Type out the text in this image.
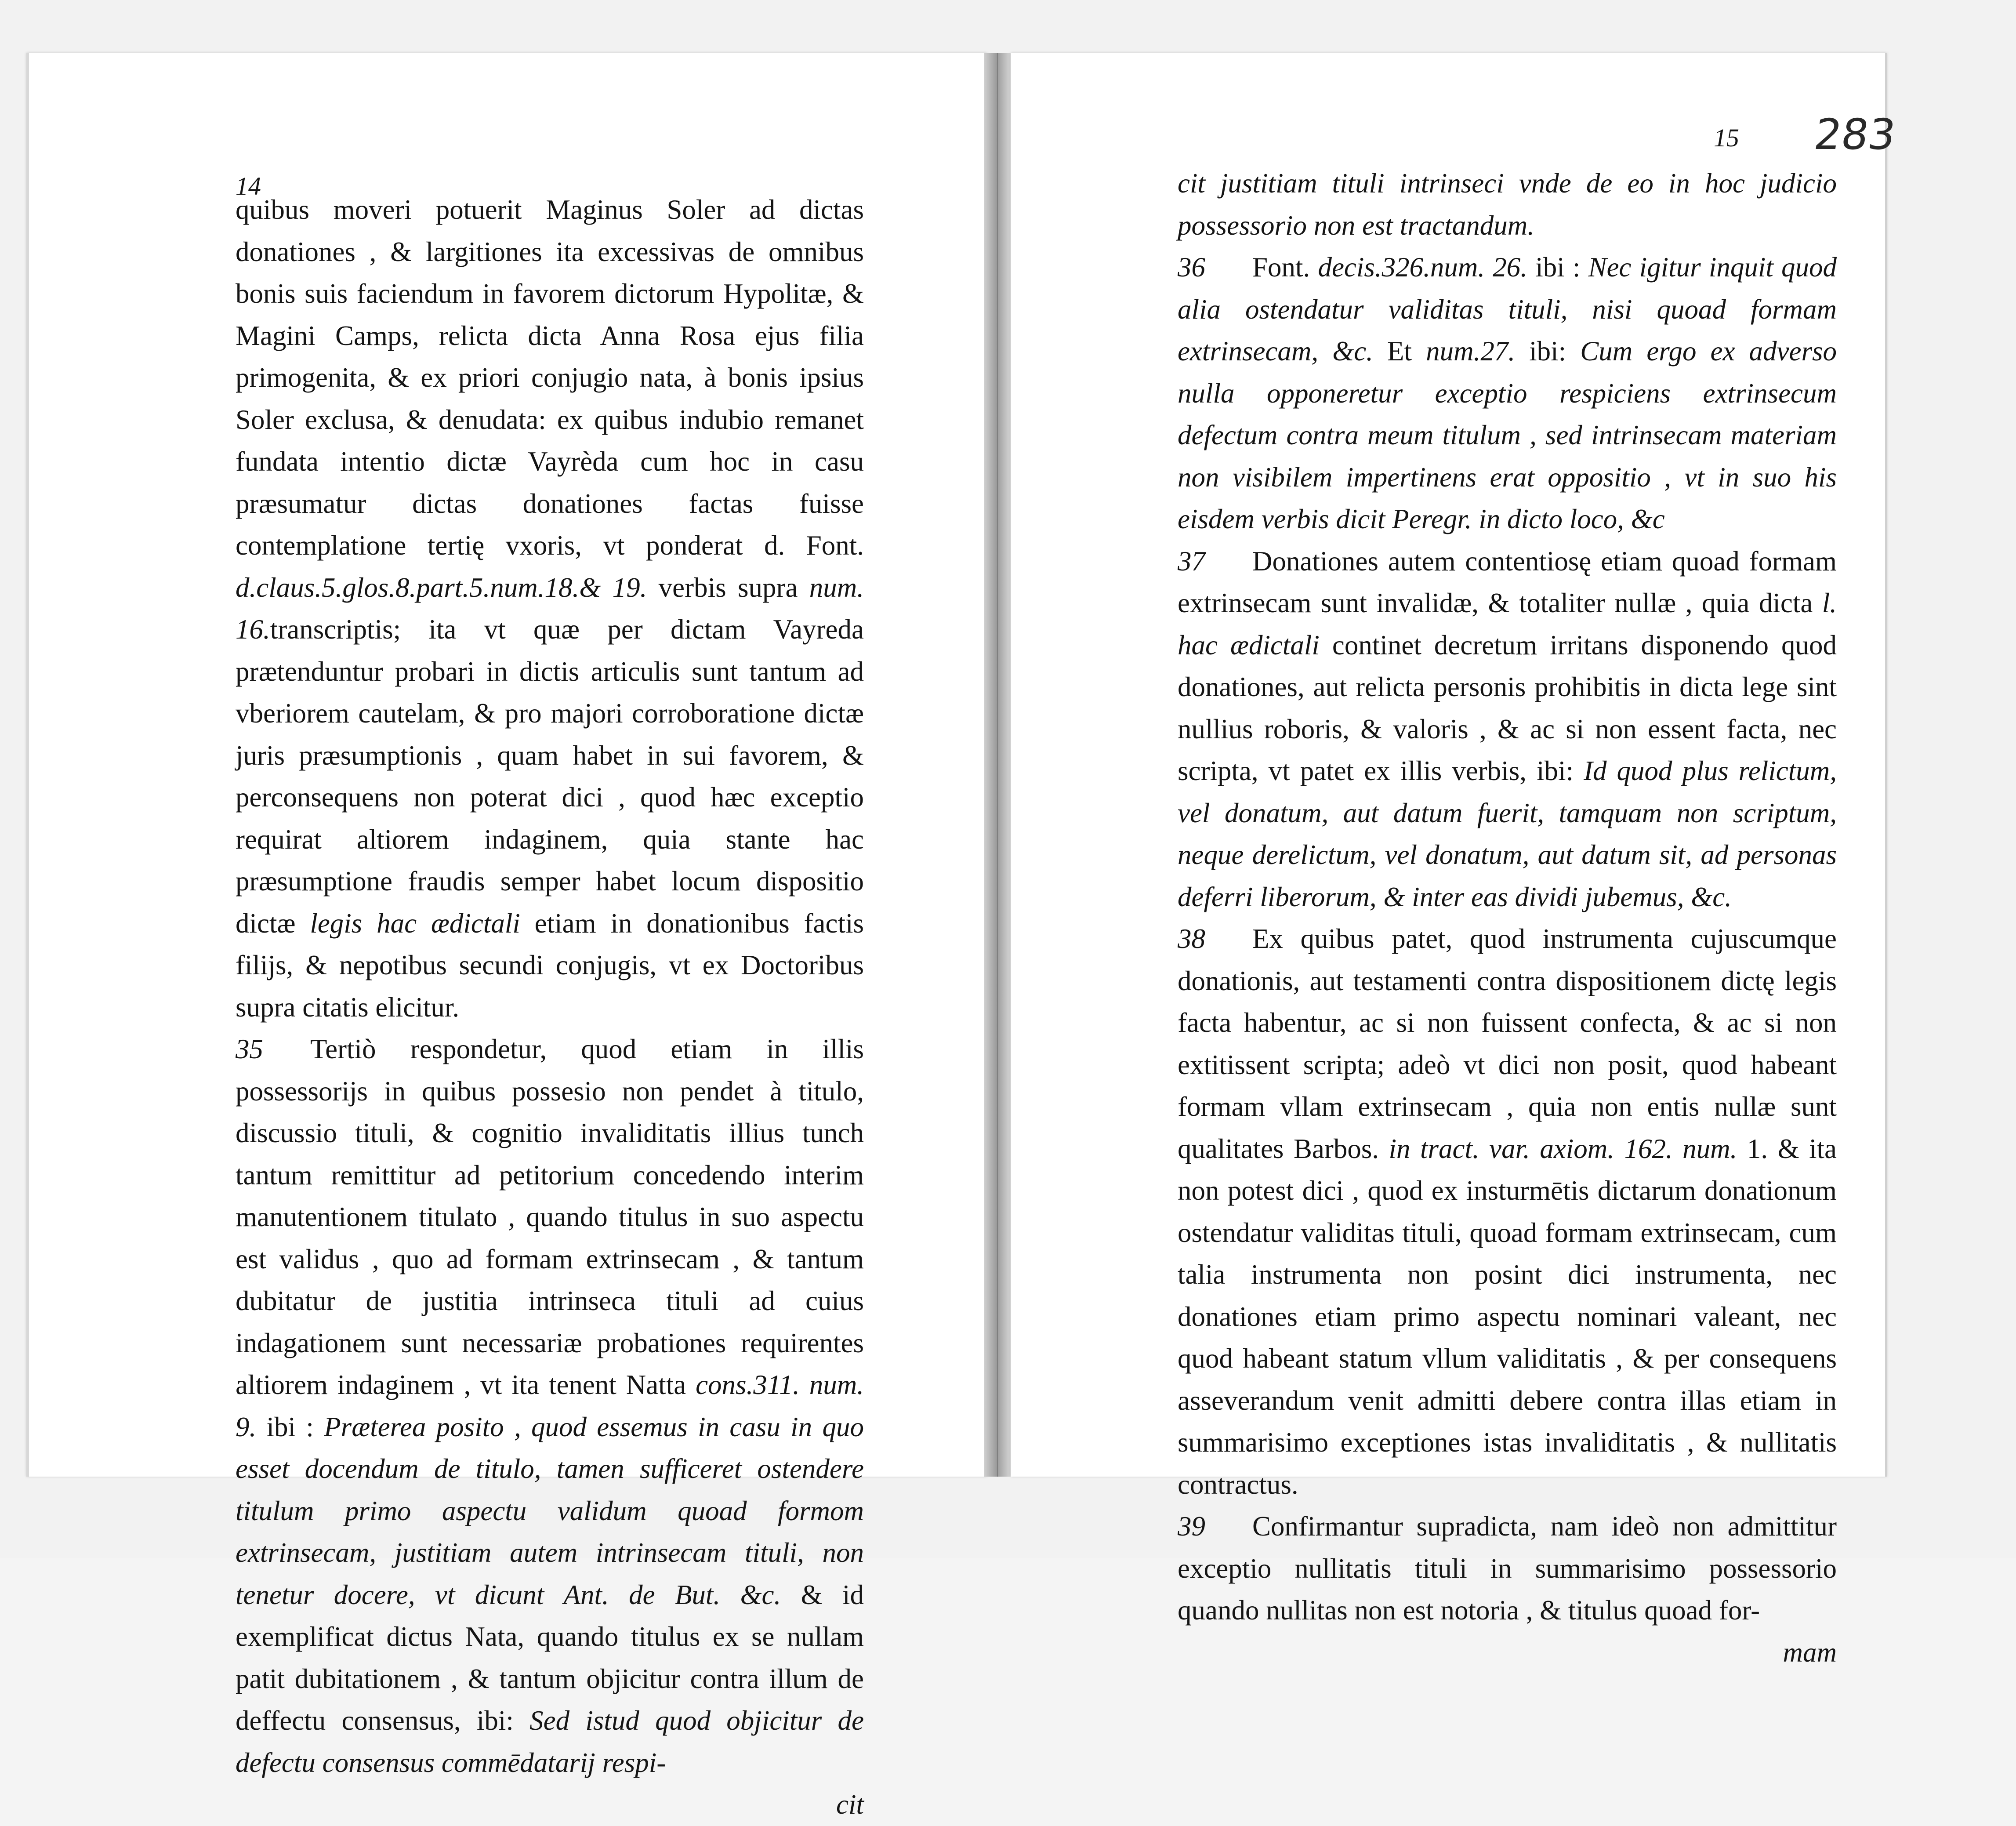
14

quibus moveri potuerit Maginus Soler ad dictas donationes , & largitiones ita excessivas de omnibus bonis suis faciendum in favorem dictorum Hypolitæ, & Magini Camps, relicta dicta Anna Rosa ejus filia primogenita, & ex priori conjugio nata, à bonis ipsius Soler exclusa, & denudata: ex quibus indubio remanet fundata intentio dictæ Vayrèda cum hoc in casu præsumatur dictas donationes factas fuisse contemplatione tertię vxoris, vt ponderat d. Font. d.claus.5.glos.8.part.5.num.18.& 19. verbis supra num. 16.transcriptis; ita vt quæ per dictam Vayreda prætenduntur probari in dictis articulis sunt tantum ad vberiorem cautelam, & pro majori corroboratione dictæ juris præsumptionis , quam habet in sui favorem, & perconsequens non poterat dici , quod hæc exceptio requirat altiorem indaginem, quia stante hac præsumptione fraudis semper habet locum dispositio dictæ legis hac ædictali etiam in donationibus factis filijs, & nepotibus secundi conjugis, vt ex Doctoribus supra citatis elicitur.

35 Tertiò respondetur, quod etiam in illis possessorijs in quibus possesio non pendet à titulo, discussio tituli, & cognitio invaliditatis illius tunch tantum remittitur ad petitorium concedendo interim manutentionem titulato , quando titulus in suo aspectu est validus , quo ad formam extrinsecam , & tantum dubitatur de justitia intrinseca tituli ad cuius indagationem sunt necessariæ probationes requirentes altiorem indaginem , vt ita tenent Natta cons.311. num. 9. ibi : Præterea posito , quod essemus in casu in quo esset docendum de titulo, tamen sufficeret ostendere titulum primo aspectu validum quoad formom extrinsecam, justitiam autem intrinsecam tituli, non tenetur docere, vt dicunt Ant. de But. &c. & id exemplificat dictus Nata, quando titulus ex se nullam patit dubitationem , & tantum objicitur contra illum de deffectu consensus, ibi: Sed istud quod objicitur de defectu consensus commēdatarij respi-

cit

15 283

cit justitiam tituli intrinseci vnde de eo in hoc judicio possessorio non est tractandum.

36 Font. decis.326.num. 26. ibi : Nec igitur inquit quod alia ostendatur validitas tituli, nisi quoad formam extrinsecam, &c. Et num.27. ibi: Cum ergo ex adverso nulla opponeretur exceptio respiciens extrinsecum defectum contra meum titulum , sed intrinsecam materiam non visibilem impertinens erat oppositio , vt in suo his eisdem verbis dicit Peregr. in dicto loco, &c

37 Donationes autem contentiosę etiam quoad formam extrinsecam sunt invalidæ, & totaliter nullæ , quia dicta l. hac ædictali continet decretum irritans disponendo quod donationes, aut relicta personis prohibitis in dicta lege sint nullius roboris, & valoris , & ac si non essent facta, nec scripta, vt patet ex illis verbis, ibi: Id quod plus relictum, vel donatum, aut datum fuerit, tamquam non scriptum, neque derelictum, vel donatum, aut datum sit, ad personas deferri liberorum, & inter eas dividi jubemus, &c.

38 Ex quibus patet, quod instrumenta cujuscumque donationis, aut testamenti contra dispositionem dictę legis facta habentur, ac si non fuissent confecta, & ac si non extitissent scripta; adeò vt dici non posit, quod habeant formam vllam extrinsecam , quia non entis nullæ sunt qualitates Barbos. in tract. var. axiom. 162. num. 1. & ita non potest dici , quod ex insturmētis dictarum donationum ostendatur validitas tituli, quoad formam extrinsecam, cum talia instrumenta non posint dici instrumenta, nec donationes etiam primo aspectu nominari valeant, nec quod habeant statum vllum validitatis , & per consequens asseverandum venit admitti debere contra illas etiam in summarisimo exceptiones istas invaliditatis , & nullitatis contractus.

39 Confirmantur supradicta, nam ideò non admittitur exceptio nullitatis tituli in summarisimo possessorio quando nullitas non est notoria , & titulus quoad for-

mam
